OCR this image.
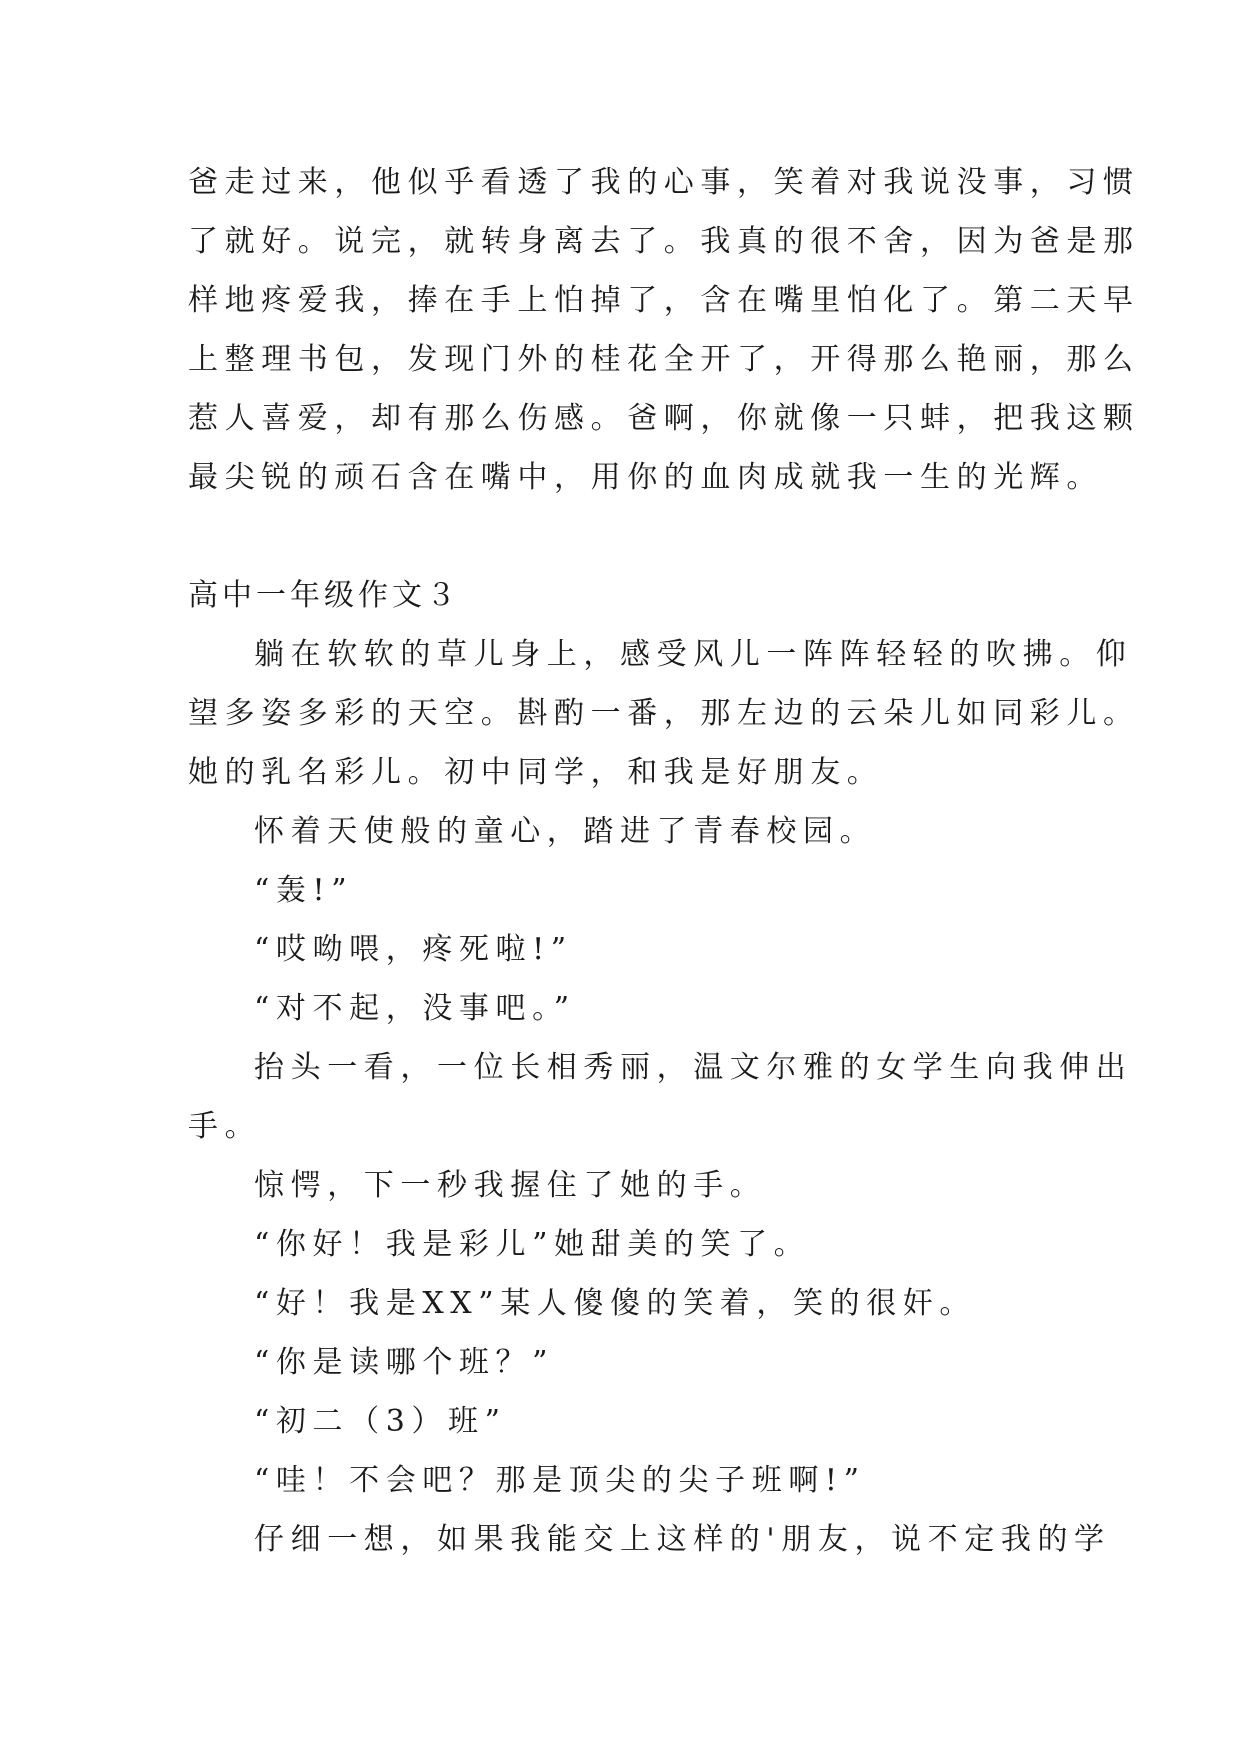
爸走过来，他似乎看透了我的心事，笑着对我说没事，习惯
了就好。说完，就转身离去了。我真的很不舍，因为爸是那
样地疼爱我，捧在手上怕掉了，含在嘴里怕化了。第二天早
上整理书包，发现门外的桂花全开了，开得那么艳丽，那么
惹人喜爱，却有那么伤感。爸啊，你就像一只蚌，把我这颗
最尖锐的顽石含在嘴中，用你的血肉成就我一生的光辉。
高中一年级作文３
躺在软软的草儿身上，感受风儿一阵阵轻轻的吹拂。仰
望多姿多彩的天空。斟酌一番，那左边的云朵儿如同彩儿。
她的乳名彩儿。初中同学，和我是好朋友。
怀着天使般的童心，踏进了青春校园。
“轰!”
“哎呦喂，疼死啦!”
“对不起，没事吧。”
抬头一看，一位长相秀丽，温文尔雅的女学生向我伸出
手。
惊愕，下一秒我握住了她的手。
“你好！我是彩儿”她甜美的笑了。
“好！我是XX”某人傻傻的笑着，笑的很奸。
“你是读哪个班？”
“初二（3）班”
“哇！不会吧？那是顶尖的尖子班啊!”
仔细一想，如果我能交上这样的'朋友，说不定我的学
